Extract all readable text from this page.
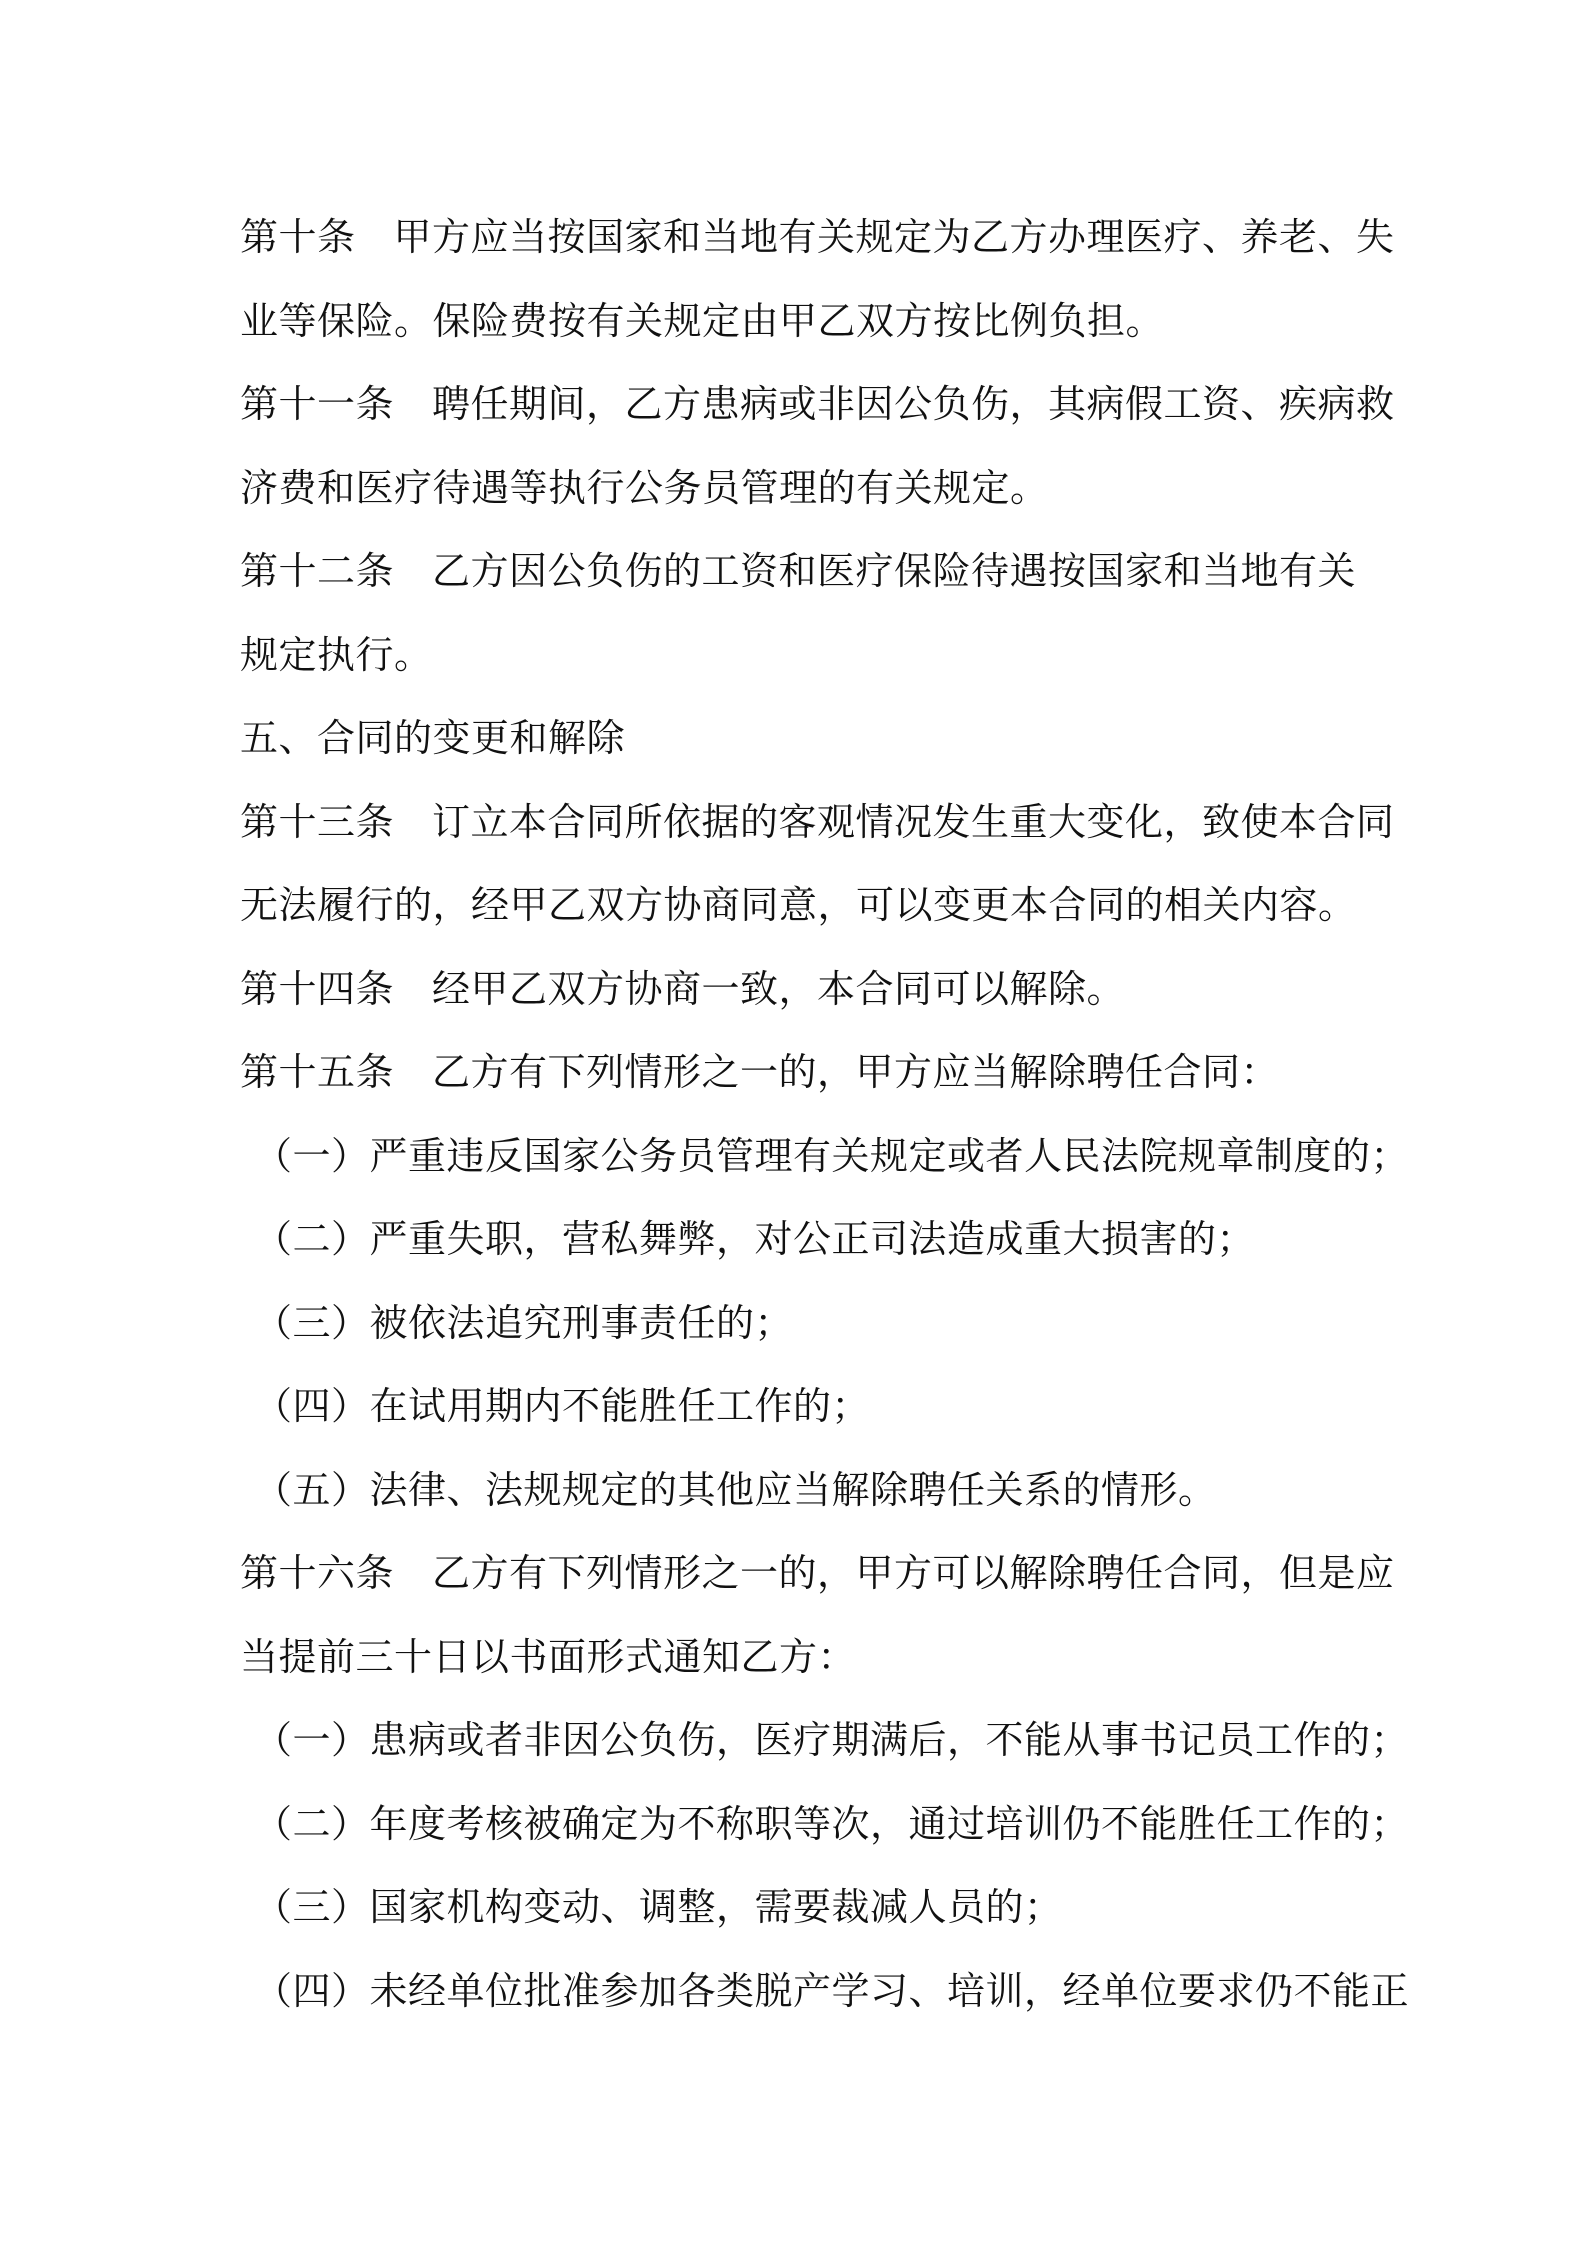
第十条 甲方应当按国家和当地有关规定为乙方办理医疗、养老、失
业等保险。保险费按有关规定由甲乙双方按比例负担。
第十一条 聘任期间，乙方患病或非因公负伤，其病假工资、疾病救
济费和医疗待遇等执行公务员管理的有关规定。
第十二条 乙方因公负伤的工资和医疗保险待遇按国家和当地有关
规定执行。
五、合同的变更和解除
第十三条 订立本合同所依据的客观情况发生重大变化，致使本合同
无法履行的，经甲乙双方协商同意，可以变更本合同的相关内容。
第十四条 经甲乙双方协商一致，本合同可以解除。
第十五条 乙方有下列情形之一的，甲方应当解除聘任合同：
（一）严重违反国家公务员管理有关规定或者人民法院规章制度的；
（二）严重失职，营私舞弊，对公正司法造成重大损害的；
（三）被依法追究刑事责任的；
（四）在试用期内不能胜任工作的；
（五）法律、法规规定的其他应当解除聘任关系的情形。
第十六条 乙方有下列情形之一的，甲方可以解除聘任合同，但是应
当提前三十日以书面形式通知乙方：
（一）患病或者非因公负伤，医疗期满后，不能从事书记员工作的；
（二）年度考核被确定为不称职等次，通过培训仍不能胜任工作的；
（三）国家机构变动、调整，需要裁减人员的；
（四）未经单位批准参加各类脱产学习、培训，经单位要求仍不能正
